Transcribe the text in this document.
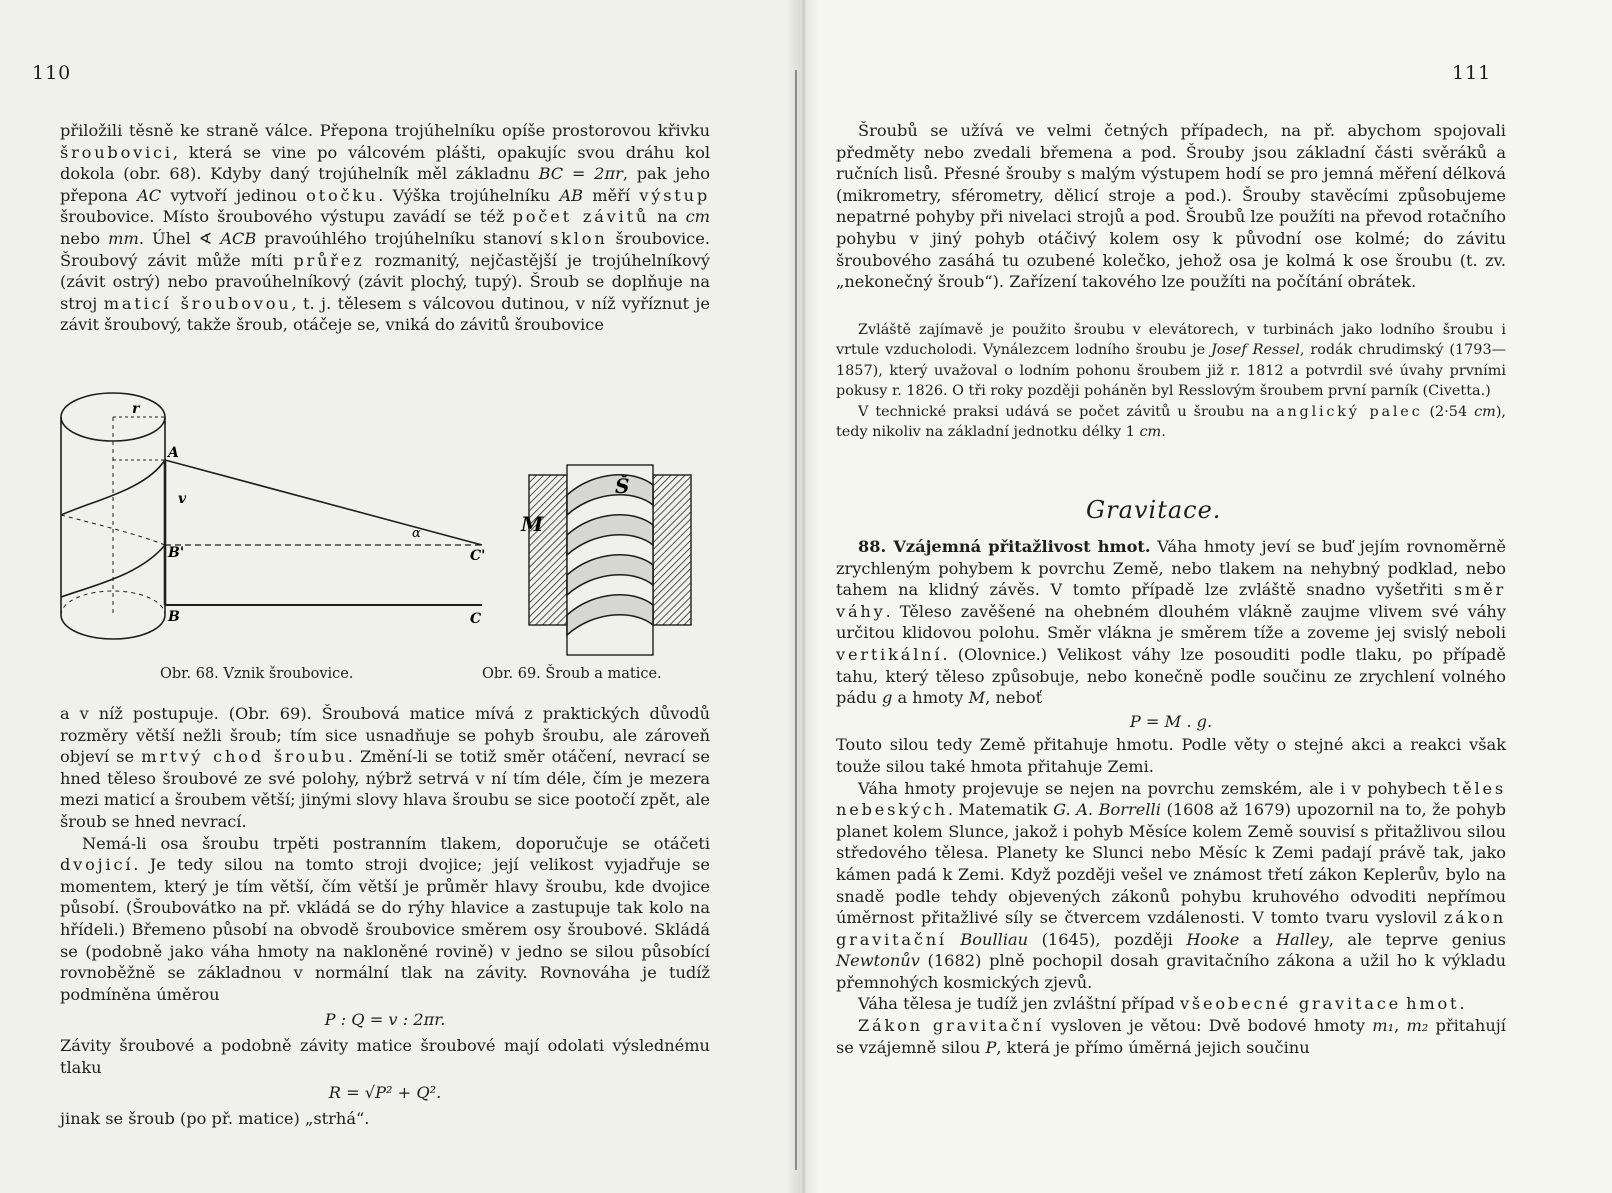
110

přiložili těsně ke straně válce. Přepona trojúhelníku opíše prostorovou křivku šroubovici, která se vine po válcovém plášti, opakujíc svou dráhu kol dokola (obr. 68). Kdyby daný trojúhelník měl základnu BC = 2πr, pak jeho přepona AC vytvoří jedinou otočku. Výška trojúhelníku AB měří výstup šroubovice. Místo šroubového výstupu zavádí se též počet závitů na cm nebo mm. Úhel ∢ ACB pravoúhlého trojúhelníku stanoví sklon šroubovice. Šroubový závit může míti průřez rozmanitý, nejčastější je trojúhelníkový (závit ostrý) nebo pravoúhelníkový (závit plochý, tupý). Šroub se doplňuje na stroj maticí šroubovou, t. j. tělesem s válcovou dutinou, v níž vyříznut je závit šroubový, takže šroub, otáčeje se, vniká do závitů šroubovice

r
A
v
α
B'	C'
B	C
Š
M
Obr. 68. Vznik šroubovice.	Obr. 69. Šroub a matice.

a v níž postupuje. (Obr. 69). Šroubová matice mívá z praktických důvodů rozměry větší nežli šroub; tím sice usnadňuje se pohyb šroubu, ale zároveň objeví se mrtvý chod šroubu. Změní-li se totiž směr otáčení, nevrací se hned těleso šroubové ze své polohy, nýbrž setrvá v ní tím déle, čím je mezera mezi maticí a šroubem větší; jinými slovy hlava šroubu se sice pootočí zpět, ale šroub se hned nevrací.

Nemá-li osa šroubu trpěti postranním tlakem, doporučuje se otáčeti dvojicí. Je tedy silou na tomto stroji dvojice; její velikost vyjadřuje se momentem, který je tím větší, čím větší je průměr hlavy šroubu, kde dvojice působí. (Šroubovátko na př. vkládá se do rýhy hlavice a zastupuje tak kolo na hřídeli.) Břemeno působí na obvodě šroubovice směrem osy šroubové. Skládá se (podobně jako váha hmoty na nakloněné rovině) v jedno se silou působící rovnoběžně se základnou v normální tlak na závity. Rovnováha je tudíž podmíněna úměrou

P : Q = v : 2πr.

Závity šroubové a podobně závity matice šroubové mají odolati výslednému tlaku

R = √P² + Q².

jinak se šroub (po př. matice) „strhá“.

111

Šroubů se užívá ve velmi četných případech, na př. abychom spojovali předměty nebo zvedali břemena a pod. Šrouby jsou základní části svěráků a ručních lisů. Přesné šrouby s malým výstupem hodí se pro jemná měření délková (mikrometry, sférometry, dělicí stroje a pod.). Šrouby stavěcími způsobujeme nepatrné pohyby při nivelaci strojů a pod. Šroubů lze použíti na převod rotačního pohybu v jiný pohyb otáčivý kolem osy k původní ose kolmé; do závitu šroubového zasáhá tu ozubené kolečko, jehož osa je kolmá k ose šroubu (t. zv. „nekonečný šroub“). Zařízení takového lze použíti na počítání obrátek.

Zvláště zajímavě je použito šroubu v elevátorech, v turbinách jako lodního šroubu i vrtule vzducholodi. Vynálezcem lodního šroubu je Josef Ressel, rodák chrudimský (1793—1857), který uvažoval o lodním pohonu šroubem již r. 1812 a potvrdil své úvahy prvními pokusy r. 1826. O tři roky později poháněn byl Resslovým šroubem první parník (Civetta.)

V technické praksi udává se počet závitů u šroubu na anglický palec (2·54 cm), tedy nikoliv na základní jednotku délky 1 cm.

Gravitace.

88. Vzájemná přitažlivost hmot. Váha hmoty jeví se buď jejím rovnoměrně zrychleným pohybem k povrchu Země, nebo tlakem na nehybný podklad, nebo tahem na klidný závěs. V tomto případě lze zvláště snadno vyšetřiti směr váhy. Těleso zavěšené na ohebném dlouhém vlákně zaujme vlivem své váhy určitou klidovou polohu. Směr vlákna je směrem tíže a zoveme jej svislý neboli vertikální. (Olovnice.) Velikost váhy lze posouditi podle tlaku, po případě tahu, který těleso způsobuje, nebo konečně podle součinu ze zrychlení volného pádu g a hmoty M, neboť

P = M . g.

Touto silou tedy Země přitahuje hmotu. Podle věty o stejné akci a reakci však touže silou také hmota přitahuje Zemi.

Váha hmoty projevuje se nejen na povrchu zemském, ale i v pohybech těles nebeských. Matematik G. A. Borrelli (1608 až 1679) upozornil na to, že pohyb planet kolem Slunce, jakož i pohyb Měsíce kolem Země souvisí s přitažlivou silou středového tělesa. Planety ke Slunci nebo Měsíc k Zemi padají právě tak, jako kámen padá k Zemi. Když později vešel ve známost třetí zákon Keplerův, bylo na snadě podle tehdy objevených zákonů pohybu kruhového odvoditi nepřímou úměrnost přitažlivé síly se čtvercem vzdálenosti. V tomto tvaru vyslovil zákon gravitační Boulliau (1645), později Hooke a Halley, ale teprve genius Newtonův (1682) plně pochopil dosah gravitačního zákona a užil ho k výkladu přemnohých kosmických zjevů.

Váha tělesa je tudíž jen zvláštní případ všeobecné gravitace hmot.

Zákon gravitační vysloven je větou: Dvě bodové hmoty m₁, m₂ přitahují se vzájemně silou P, která je přímo úměrná jejich součinu
